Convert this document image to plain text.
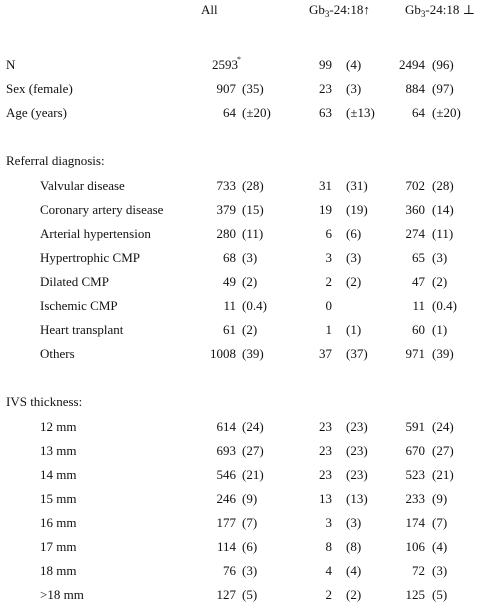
All	$Gb_3-24:18↑$	$Gb_3-24:18$ ⊥
N	2593	99 (4)	2494 (96)
*
Sex (female)	907 (35)	23 (3)	884 (97)
Age (years)	64 (±20)	63 (±13)	64 (±20)
Referral diagnosis:
Valvular disease	733 (28)	31 (31)	702 (28)
Coronary artery disease	379 (15)	19 (19)	360 (14)
Arterial hypertension	280 (11)	6 (6)	274 (11)
Hypertrophic CMP	68 (3)	3 (3)	65 (3)
Dilated CMP	49 (2)	2 (2)	47 (2)
Ischemic CMP	11 (0.4)	0	11 (0.4)
Heart transplant	61 (2)	1 (1)	60 (1)
Others	1008 (39)	37 (37)	971 (39)
IVS thickness:
12 mm	614 (24)	23 (23)	591 (24)
13 mm	693 (27)	23 (23)	670 (27)
14 mm	546 (21)	23 (23)	523 (21)
15 mm	246 (9)	13 (13)	233 (9)
16 mm	177 (7)	3 (3)	174 (7)
17 mm	114 (6)	8 (8)	106 (4)
18 mm	76 (3)	4 (4)	72 (3)
>18 mm	127 (5)	2 (2)	125 (5)
